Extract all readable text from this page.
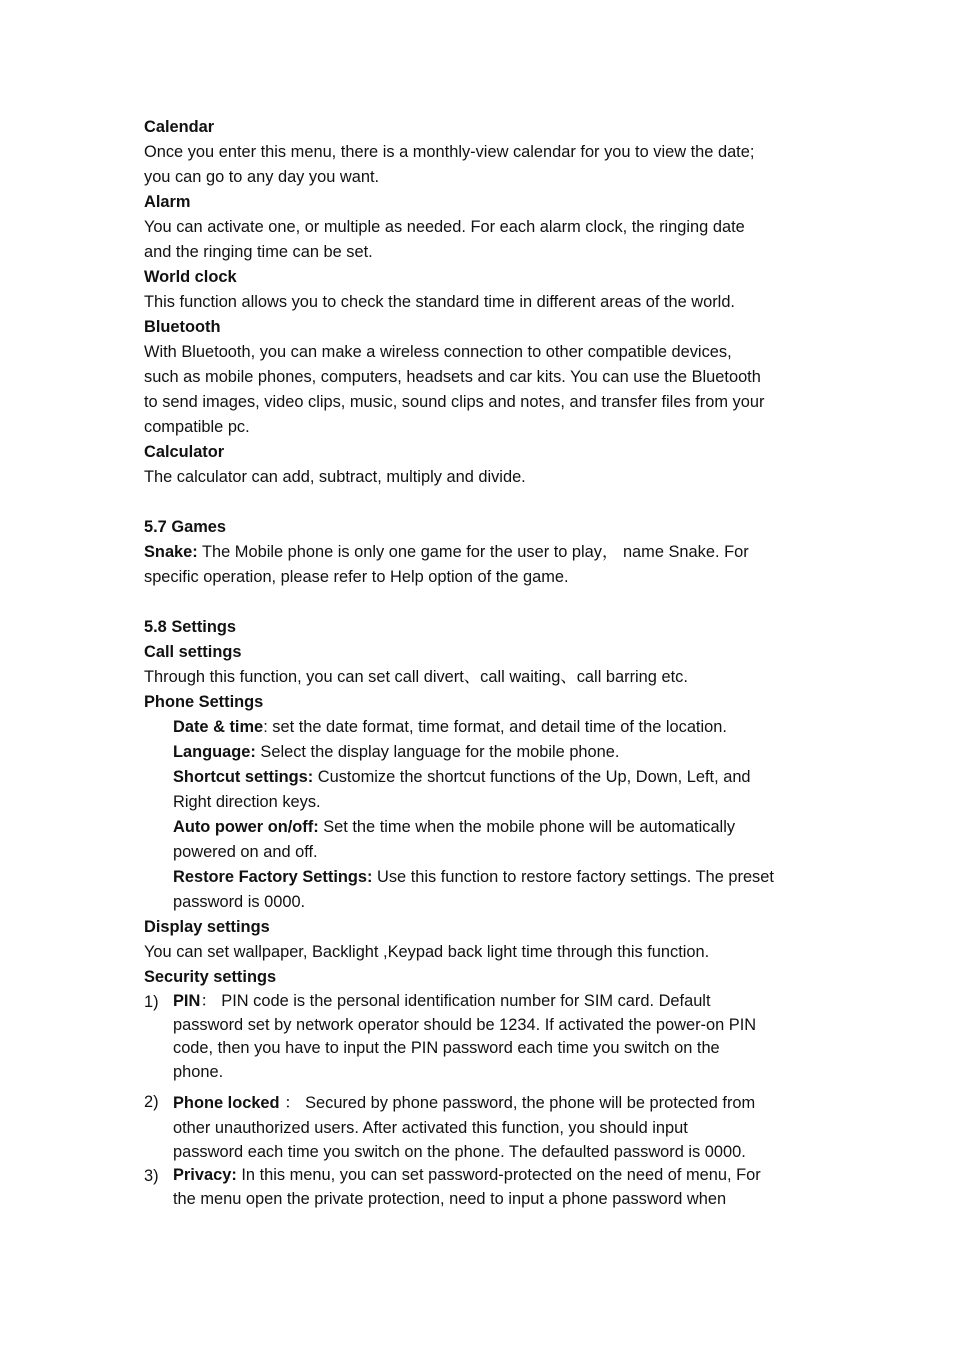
Calendar
Once you enter this menu, there is a monthly-view calendar for you to view the date;
you can go to any day you want.
Alarm
You can activate one, or multiple as needed. For each alarm clock, the ringing date
and the ringing time can be set.
World clock
This function allows you to check the standard time in different areas of the world.
Bluetooth
With Bluetooth, you can make a wireless connection to other compatible devices,
such as mobile phones, computers, headsets and car kits. You can use the Bluetooth
to send images, video clips, music, sound clips and notes, and transfer files from your
compatible pc.
Calculator
The calculator can add, subtract, multiply and divide.
5.7 Games
Snake: The Mobile phone is only one game for the user to play， name Snake. For
specific operation, please refer to Help option of the game.
5.8 Settings
Call settings
Through this function, you can set call divert、call waiting、call barring etc.
Phone Settings
Date & time: set the date format, time format, and detail time of the location.
Language: Select the display language for the mobile phone.
Shortcut settings: Customize the shortcut functions of the Up, Down, Left, and
Right direction keys.
Auto power on/off: Set the time when the mobile phone will be automatically
powered on and off.
Restore Factory Settings: Use this function to restore factory settings. The preset
password is 0000.
Display settings
You can set wallpaper, Backlight ,Keypad back light time through this function.
Security settings
1) PIN： PIN code is the personal identification number for SIM card. Default
password set by network operator should be 1234. If activated the power-on PIN
code, then you have to input the PIN password each time you switch on the
phone.
2) Phone locked ： Secured by phone password, the phone will be protected from
other unauthorized users. After activated this function, you should input
password each time you switch on the phone. The defaulted password is 0000.
3) Privacy: In this menu, you can set password-protected on the need of menu, For
the menu open the private protection, need to input a phone password when
